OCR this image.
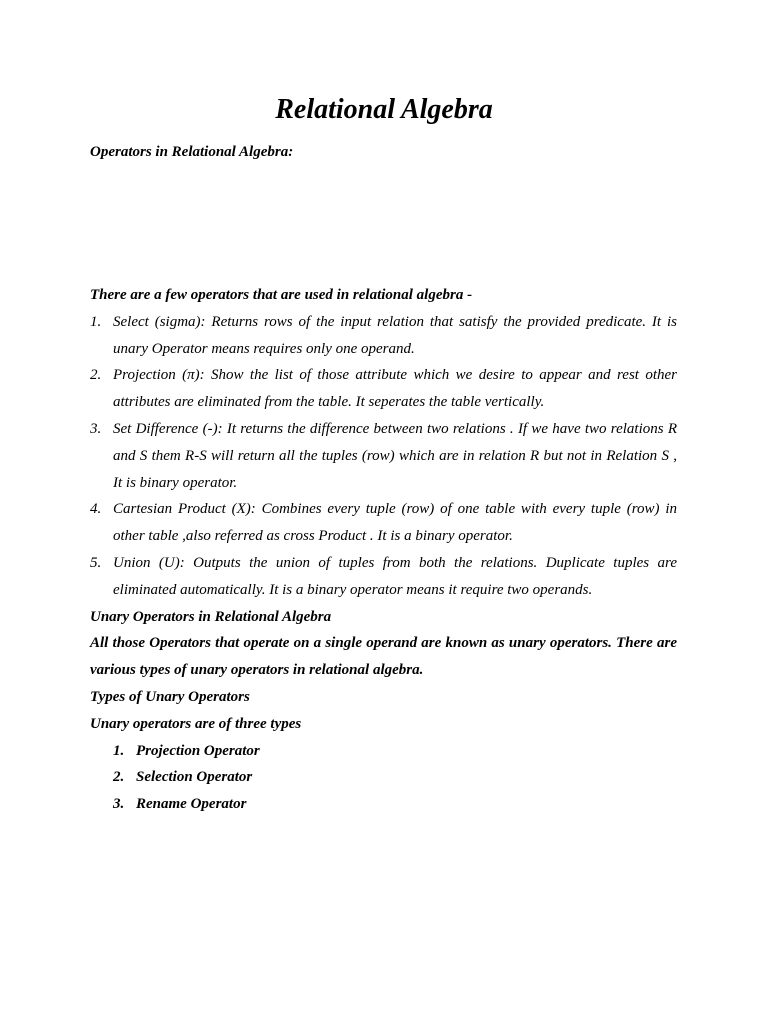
Relational Algebra

Operators in Relational Algebra:

There are a few operators that are used in relational algebra -

1. Select (sigma): Returns rows of the input relation that satisfy the provided predicate. It is unary Operator means requires only one operand.
2. Projection (π): Show the list of those attribute which we desire to appear and rest other attributes are eliminated from the table. It seperates the table vertically.
3. Set Difference (-): It returns the difference between two relations . If we have two relations R and S them R-S will return all the tuples (row) which are in relation R but not in Relation S , It is binary operator.
4. Cartesian Product (X): Combines every tuple (row) of one table with every tuple (row) in other table ,also referred as cross Product . It is a binary operator.
5. Union (U): Outputs the union of tuples from both the relations. Duplicate tuples are eliminated automatically. It is a binary operator means it require two operands.

Unary Operators in Relational Algebra

All those Operators that operate on a single operand are known as unary operators. There are various types of unary operators in relational algebra.

Types of Unary Operators

Unary operators are of three types

1. Projection Operator
2. Selection Operator
3. Rename Operator
